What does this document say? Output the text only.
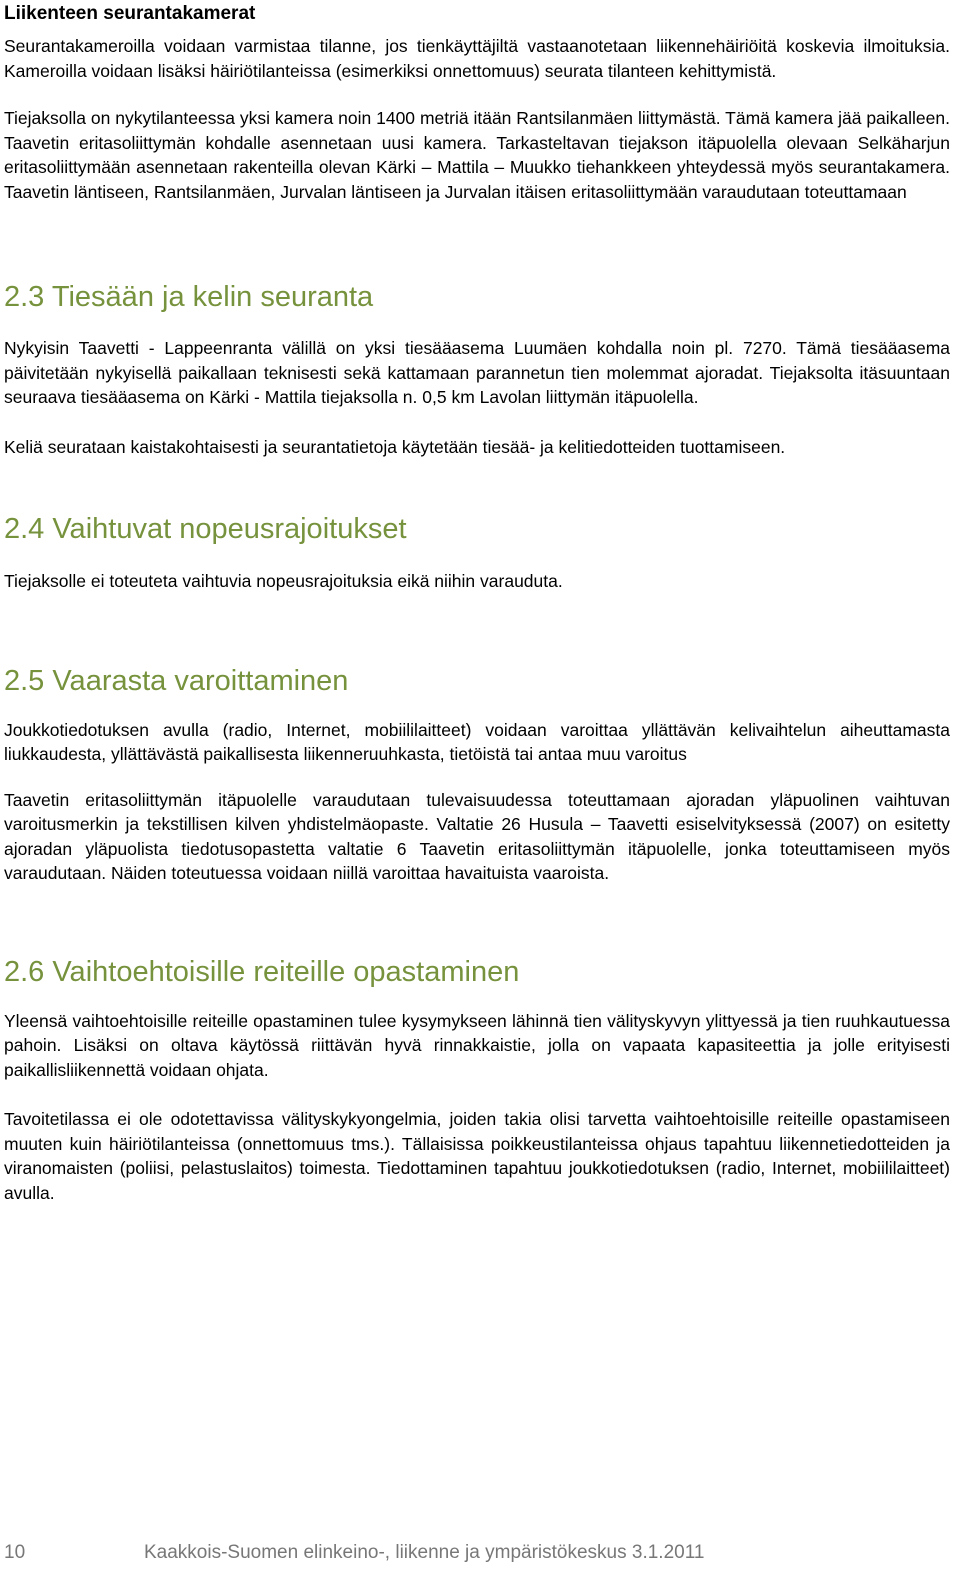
Liikenteen seurantakamerat

Seurantakameroilla voidaan varmistaa tilanne, jos tienkäyttäjiltä vastaanotetaan liikennehäiriöitä koskevia ilmoituksia. Kameroilla voidaan lisäksi häiriötilanteissa (esimerkiksi onnettomuus) seurata tilanteen kehittymistä.

Tiejaksolla on nykytilanteessa yksi kamera noin 1400 metriä itään Rantsilanmäen liittymästä. Tämä kamera jää paikalleen. Taavetin eritasoliittymän kohdalle asennetaan uusi kamera. Tarkasteltavan tiejakson itäpuolella olevaan Selkäharjun eritasoliittymään asennetaan rakenteilla olevan Kärki – Mattila – Muukko tiehankkeen yhteydessä myös seurantakamera. Taavetin läntiseen, Rantsilanmäen, Jurvalan läntiseen ja Jurvalan itäisen eritasoliittymään varaudutaan toteuttamaan

2.3 Tiesään ja kelin seuranta

Nykyisin Taavetti - Lappeenranta välillä on yksi tiesääasema Luumäen kohdalla noin pl. 7270. Tämä tiesääasema päivitetään nykyisellä paikallaan teknisesti sekä kattamaan parannetun tien molemmat ajoradat. Tiejaksolta itäsuuntaan seuraava tiesääasema on Kärki - Mattila tiejaksolla n. 0,5 km Lavolan liittymän itäpuolella.

Keliä seurataan kaistakohtaisesti ja seurantatietoja käytetään tiesää- ja kelitiedotteiden tuottamiseen.

2.4 Vaihtuvat nopeusrajoitukset

Tiejaksolle ei toteuteta vaihtuvia nopeusrajoituksia eikä niihin varauduta.

2.5 Vaarasta varoittaminen

Joukkotiedotuksen avulla (radio, Internet, mobiililaitteet) voidaan varoittaa yllättävän kelivaihtelun aiheuttamasta liukkaudesta, yllättävästä paikallisesta liikenneruuhkasta, tietöistä tai antaa muu varoitus

Taavetin eritasoliittymän itäpuolelle varaudutaan tulevaisuudessa toteuttamaan ajoradan yläpuolinen vaihtuvan varoitusmerkin ja tekstillisen kilven yhdistelmäopaste. Valtatie 26 Husula – Taavetti esiselvityksessä (2007) on esitetty ajoradan yläpuolista tiedotusopastetta valtatie 6 Taavetin eritasoliittymän itäpuolelle, jonka toteuttamiseen myös varaudutaan. Näiden toteutuessa voidaan niillä varoittaa havaituista vaaroista.

2.6 Vaihtoehtoisille reiteille opastaminen

Yleensä vaihtoehtoisille reiteille opastaminen tulee kysymykseen lähinnä tien välityskyvyn ylittyessä ja tien ruuhkautuessa pahoin. Lisäksi on oltava käytössä riittävän hyvä rinnakkaistie, jolla on vapaata kapasiteettia ja jolle erityisesti paikallisliikennettä voidaan ohjata.

Tavoitetilassa ei ole odotettavissa välityskykyongelmia, joiden takia olisi tarvetta vaihtoehtoisille reiteille opastamiseen muuten kuin häiriötilanteissa (onnettomuus tms.). Tällaisissa poikkeustilanteissa ohjaus tapahtuu liikennetiedotteiden ja viranomaisten (poliisi, pelastuslaitos) toimesta. Tiedottaminen tapahtuu joukkotiedotuksen (radio, Internet, mobiililaitteet) avulla.

10	Kaakkois-Suomen elinkeino-, liikenne ja ympäristökeskus 3.1.2011
